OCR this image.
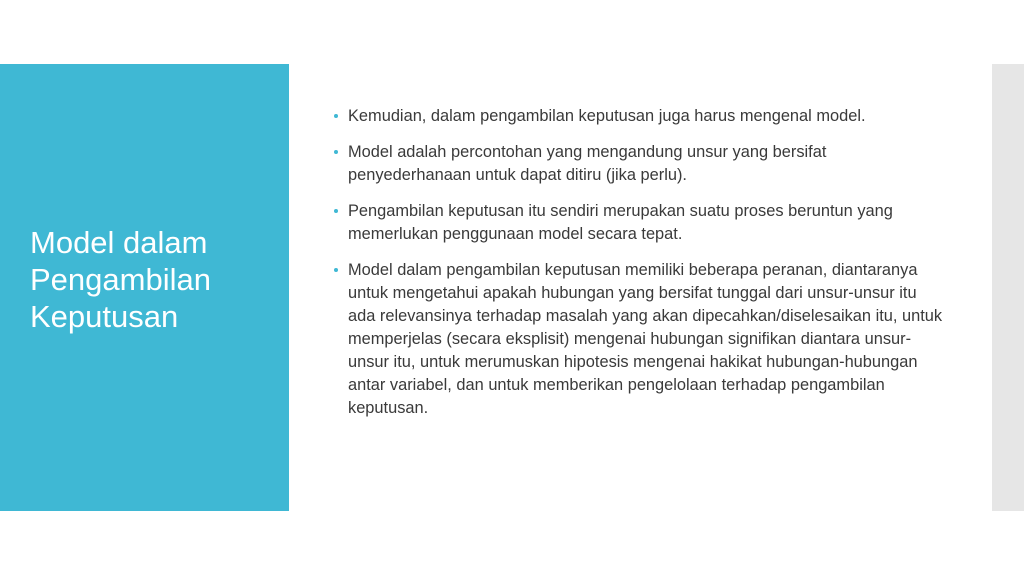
Model dalam
Pengambilan
Keputusan
Kemudian, dalam pengambilan keputusan juga harus mengenal model.
Model adalah percontohan yang mengandung unsur yang bersifat penyederhanaan untuk dapat ditiru (jika perlu).
Pengambilan keputusan itu sendiri merupakan suatu proses beruntun yang memerlukan penggunaan model secara tepat.
Model dalam pengambilan keputusan memiliki beberapa peranan, diantaranya untuk mengetahui apakah hubungan yang bersifat tunggal dari unsur-unsur itu ada relevansinya terhadap masalah yang akan dipecahkan/diselesaikan itu, untuk memperjelas (secara eksplisit) mengenai hubungan signifikan diantara unsur-unsur itu, untuk merumuskan hipotesis mengenai hakikat hubungan-hubungan antar variabel, dan untuk memberikan pengelolaan terhadap pengambilan keputusan.
